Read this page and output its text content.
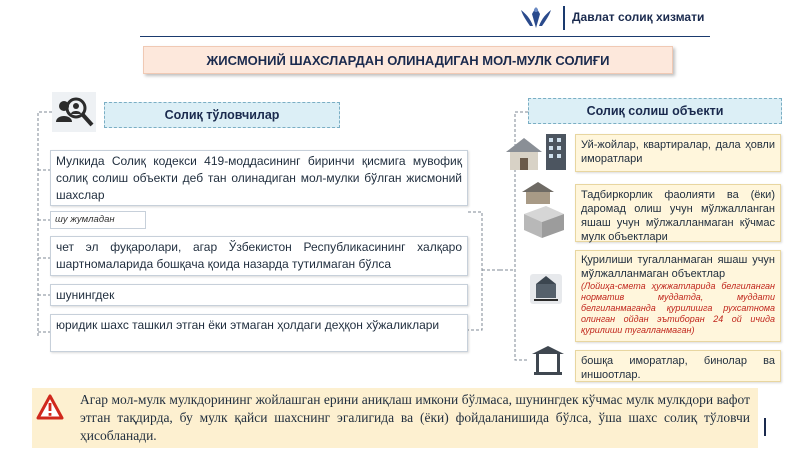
Давлат солиқ хизмати
ЖИСМОНИЙ ШАХСЛАРДАН ОЛИНАДИГАН МОЛ-МУЛК СОЛИҒИ
Солиқ тўловчилар
Мулкида Солиқ кодекси 419-моддасининг биринчи қисмига мувофиқ солиқ солиш объекти деб тан олинадиган мол-мулки бўлган жисмоний шахслар
шу жумладан
чет эл фуқаролари, агар Ўзбекистон Республикасининг халқаро шартномаларида бошқача қоида назарда тутилмаган бўлса
шунингдек
юридик шахс ташкил этган ёки этмаган ҳолдаги деҳқон хўжаликлари
Солиқ солиш объекти
Уй-жойлар, квартиралар, дала ҳовли иморатлари
Тадбиркорлик фаолияти ва (ёки) даромад олиш учун мўлжалланган яшаш учун мўлжалланмаган кўчмас мулк объектлари
Қурилиши тугалланмаган яшаш учун мўлжалланмаган объектлар
(Лойиҳа-смета ҳужжатларида белгиланган норматив муддатда, муддати белгиланмаганда қурилишга рухсатнома олинган ойдан эътиборан 24 ой ичида қурилиши тугалланмаган)
бошқа иморатлар, бинолар ва иншоотлар.
Агар мол-мулк мулкдорининг жойлашган ерини аниқлаш имкони бўлмаса, шунингдек кўчмас мулк мулкдори вафот этган тақдирда, бу мулк қайси шахснинг эгалигида ва (ёки) фойдаланишида бўлса, ўша шахс солиқ тўловчи ҳисобланади.
